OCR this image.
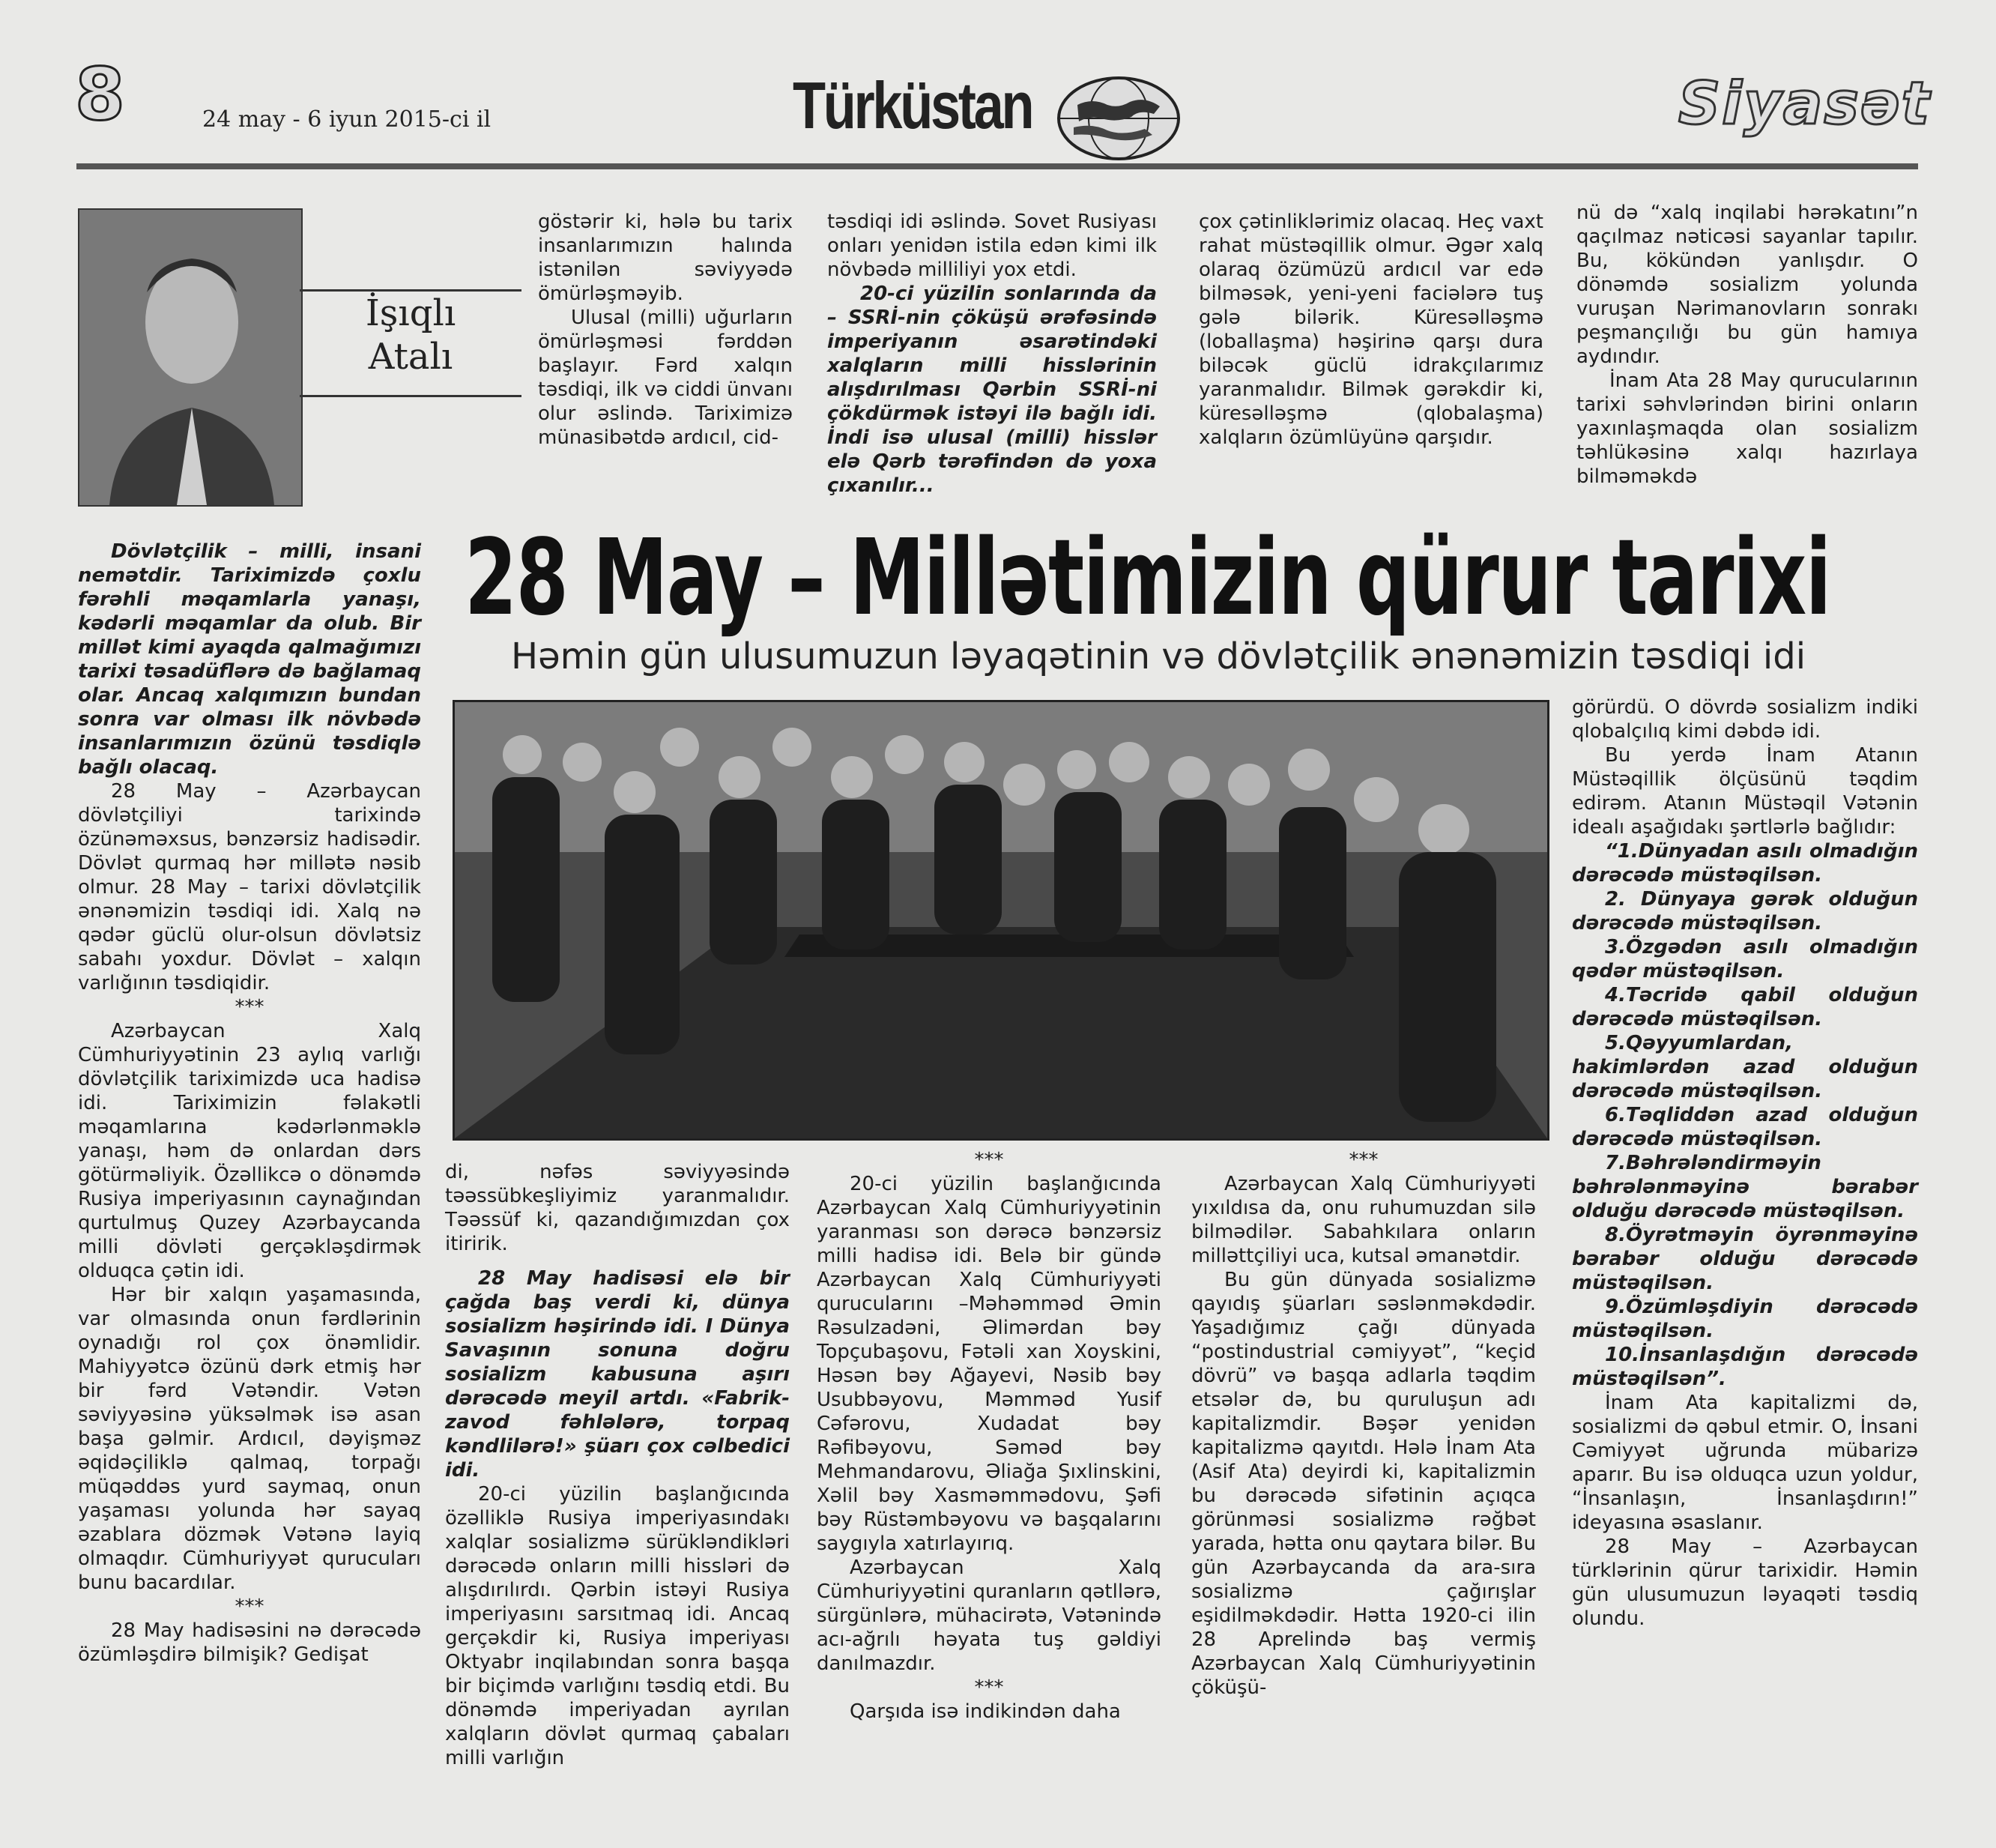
8	24 may - 6 iyun 2015-ci il	Türküstan	Siyasət
İşıqlı
Atalı

göstərir ki, hələ bu tarix insanlarımızın halında istənilən səviyyədə ömürləşməyib.

Ulusal (milli) uğurların ömürləşməsi fərddən başlayır. Fərd xalqın təsdiqi, ilk və ciddi ünvanı olur əslində. Tariximizə münasibətdə ardıcıl, cid-

təsdiqi idi əslində. Sovet Rusiyası onları yenidən istila edən kimi ilk növbədə milliliyi yox etdi.

20-ci yüzilin sonlarında da – SSRİ-nin çöküşü ərəfəsində imperiyanın əsarətindəki xalqların milli hisslərinin alışdırılması Qərbin SSRİ-ni çökdürmək istəyi ilə bağlı idi. İndi isə ulusal (milli) hisslər elə Qərb tərəfindən də yoxa çıxanılır...

çox çətinliklərimiz olacaq. Heç vaxt rahat müstəqillik olmur. Əgər xalq olaraq özümüzü ardıcıl var edə bilməsək, yeni-yeni faciələrə tuş gələ bilərik. Küresəlləşmə (loballaşma) həşirinə qarşı dura biləcək güclü idrakçılarımız yaranmalıdır. Bilmək gərəkdir ki, küresəlləşmə (qlobalaşma) xalqların özümlüyünə qarşıdır.

nü də “xalq inqilabi hərəkatını”n qaçılmaz nəticəsi sayanlar tapılır. Bu, kökündən yanlışdır. O dönəmdə sosializm yolunda vuruşan Nərimanovların sonrakı peşmançılığı bu gün hamıya aydındır.

İnam Ata 28 May qurucularının tarixi səhvlərindən birini onların yaxınlaşmaqda olan sosializm təhlükəsinə xalqı hazırlaya bilməməkdə

28 May – Millətimizin qürur tarixi
Həmin gün ulusumuzun ləyaqətinin və dövlətçilik ənənəmizin təsdiqi idi

Dövlətçilik – milli, insani nemətdir. Tariximizdə çoxlu fərəhli məqamlarla yanaşı, kədərli məqamlar da olub. Bir millət kimi ayaqda qalmağımızı tarixi təsadüflərə də bağlamaq olar. Ancaq xalqımızın bundan sonra var olması ilk növbədə insanlarımızın özünü təsdiqlə bağlı olacaq.

28 May – Azərbaycan dövlətçiliyi tarixində özünəməxsus, bənzərsiz hadisədir. Dövlət qurmaq hər millətə nəsib olmur. 28 May – tarixi dövlətçilik ənənəmizin təsdiqi idi. Xalq nə qədər güclü olur-olsun dövlətsiz sabahı yoxdur. Dövlət – xalqın varlığının təsdiqidir.

***

Azərbaycan Xalq Cümhuriyyətinin 23 aylıq varlığı dövlətçilik tariximizdə uca hadisə idi. Tariximizin fəlakətli məqamlarına kədərlənməklə yanaşı, həm də onlardan dərs götürməliyik. Özəllikcə o dönəmdə Rusiya imperiyasının caynağından qurtulmuş Quzey Azərbaycanda milli dövləti gerçəkləşdirmək olduqca çətin idi.

Hər bir xalqın yaşamasında, var olmasında onun fərdlərinin oynadığı rol çox önəmlidir. Mahiyyətcə özünü dərk etmiş hər bir fərd Vətəndir. Vətən səviyyəsinə yüksəlmək isə asan başa gəlmir. Ardıcıl, dəyişməz əqidəçiliklə qalmaq, torpağı müqəddəs yurd saymaq, onun yaşaması yolunda hər sayaq əzablara dözmək Vətənə layiq olmaqdır. Cümhuriyyət qurucuları bunu bacardılar.

***

28 May hadisəsini nə dərəcədə özümləşdirə bilmişik? Gedişat

di, nəfəs səviyyəsində təəssübkeşliyimiz yaranmalıdır. Təəssüf ki, qazandığımızdan çox itiririk.

28 May hadisəsi elə bir çağda baş verdi ki, dünya sosializm həşirində idi. I Dünya Savaşının sonuna doğru sosializm kabusuna aşırı dərəcədə meyil artdı. «Fabrik-zavod fəhlələrə, torpaq kəndlilərə!» şüarı çox cəlbedici idi.

20-ci yüzilin başlanğıcında özəlliklə Rusiya imperiyasındakı xalqlar sosializmə sürükləndikləri dərəcədə onların milli hissləri də alışdırılırdı. Qərbin istəyi Rusiya imperiyasını sarsıtmaq idi. Ancaq gerçəkdir ki, Rusiya imperiyası Oktyabr inqilabından sonra başqa bir biçimdə varlığını təsdiq etdi. Bu dönəmdə imperiyadan ayrılan xalqların dövlət qurmaq çabaları milli varlığın

***

20-ci yüzilin başlanğıcında Azərbaycan Xalq Cümhuriyyətinin yaranması son dərəcə bənzərsiz milli hadisə idi. Belə bir gündə Azərbaycan Xalq Cümhuriyyəti qurucularını –Məhəmməd Əmin Rəsulzadəni, Əlimərdan bəy Topçubaşovu, Fətəli xan Xoyskini, Həsən bəy Ağayevi, Nəsib bəy Usubbəyovu, Məmməd Yusif Cəfərovu, Xudadat bəy Rəfibəyovu, Səməd bəy Mehmandarovu, Əliağa Şıxlinskini, Xəlil bəy Xasməmmədovu, Şəfi bəy Rüstəmbəyovu və başqalarını saygıyla xatırlayırıq.

Azərbaycan Xalq Cümhuriyyətini quranların qətllərə, sürgünlərə, mühacirətə, Vətənində acı-ağrılı həyata tuş gəldiyi danılmazdır.

***

Qarşıda isə indikindən daha

***

Azərbaycan Xalq Cümhuriyyəti yıxıldısa da, onu ruhumuzdan silə bilmədilər. Sabahkılara onların milləttçiliyi uca, kutsal əmanətdir.

Bu gün dünyada sosializmə qayıdış şüarları səslənməkdədir. Yaşadığımız çağı dünyada “postindustrial cəmiyyət”, “keçid dövrü” və başqa adlarla təqdim etsələr də, bu quruluşun adı kapitalizmdir. Bəşər yenidən kapitalizmə qayıtdı. Hələ İnam Ata (Asif Ata) deyirdi ki, kapitalizmin bu dərəcədə sifətinin açıqca görünməsi sosializmə rəğbət yarada, hətta onu qaytara bilər. Bu gün Azərbaycanda da ara-sıra sosializmə çağırışlar eşidilməkdədir. Hətta 1920-ci ilin 28 Aprelində baş vermiş Azərbaycan Xalq Cümhuriyyətinin çöküşü-

görürdü. O dövrdə sosializm indiki qlobalçılıq kimi dəbdə idi.

Bu yerdə İnam Atanın Müstəqillik ölçüsünü təqdim edirəm. Atanın Müstəqil Vətənin idealı aşağıdakı şərtlərlə bağlıdır:

“1.Dünyadan asılı olmadığın dərəcədə müstəqilsən.

2. Dünyaya gərək olduğun dərəcədə müstəqilsən.

3.Özgədən asılı olmadığın qədər müstəqilsən.

4.Təcridə qabil olduğun dərəcədə müstəqilsən.

5.Qəyyumlardan, hakimlərdən azad olduğun dərəcədə müstəqilsən.

6.Təqliddən azad olduğun dərəcədə müstəqilsən.

7.Bəhrələndirməyin bəhrələnməyinə bərabər olduğu dərəcədə müstəqilsən.

8.Öyrətməyin öyrənməyinə bərabər olduğu dərəcədə müstəqilsən.

9.Özümləşdiyin dərəcədə müstəqilsən.

10.İnsanlaşdığın dərəcədə müstəqilsən”.

İnam Ata kapitalizmi də, sosializmi də qəbul etmir. O, İnsani Cəmiyyət uğrunda mübarizə aparır. Bu isə olduqca uzun yoldur, “İnsanlaşın, İnsanlaşdırın!” ideyasına əsaslanır.

28 May – Azərbaycan türklərinin qürur tarixidir. Həmin gün ulusumuzun ləyaqəti təsdiq olundu.
